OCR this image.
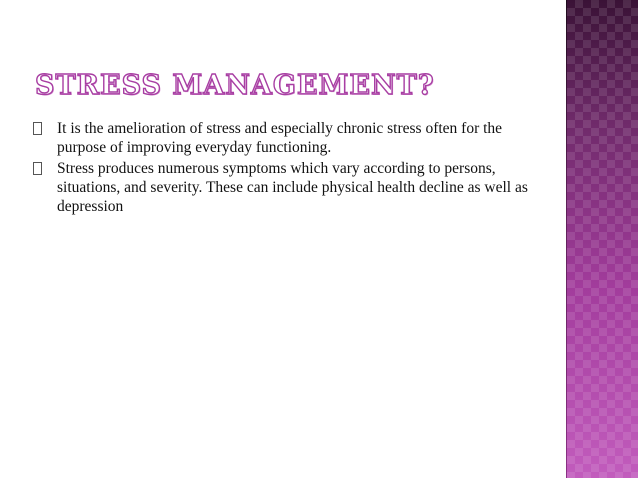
STRESS MANAGEMENT?
It is the amelioration of stress and especially chronic stress often for the purpose of improving everyday functioning.
Stress produces numerous symptoms which vary according to persons, situations, and severity. These can include physical health decline as well as depression
